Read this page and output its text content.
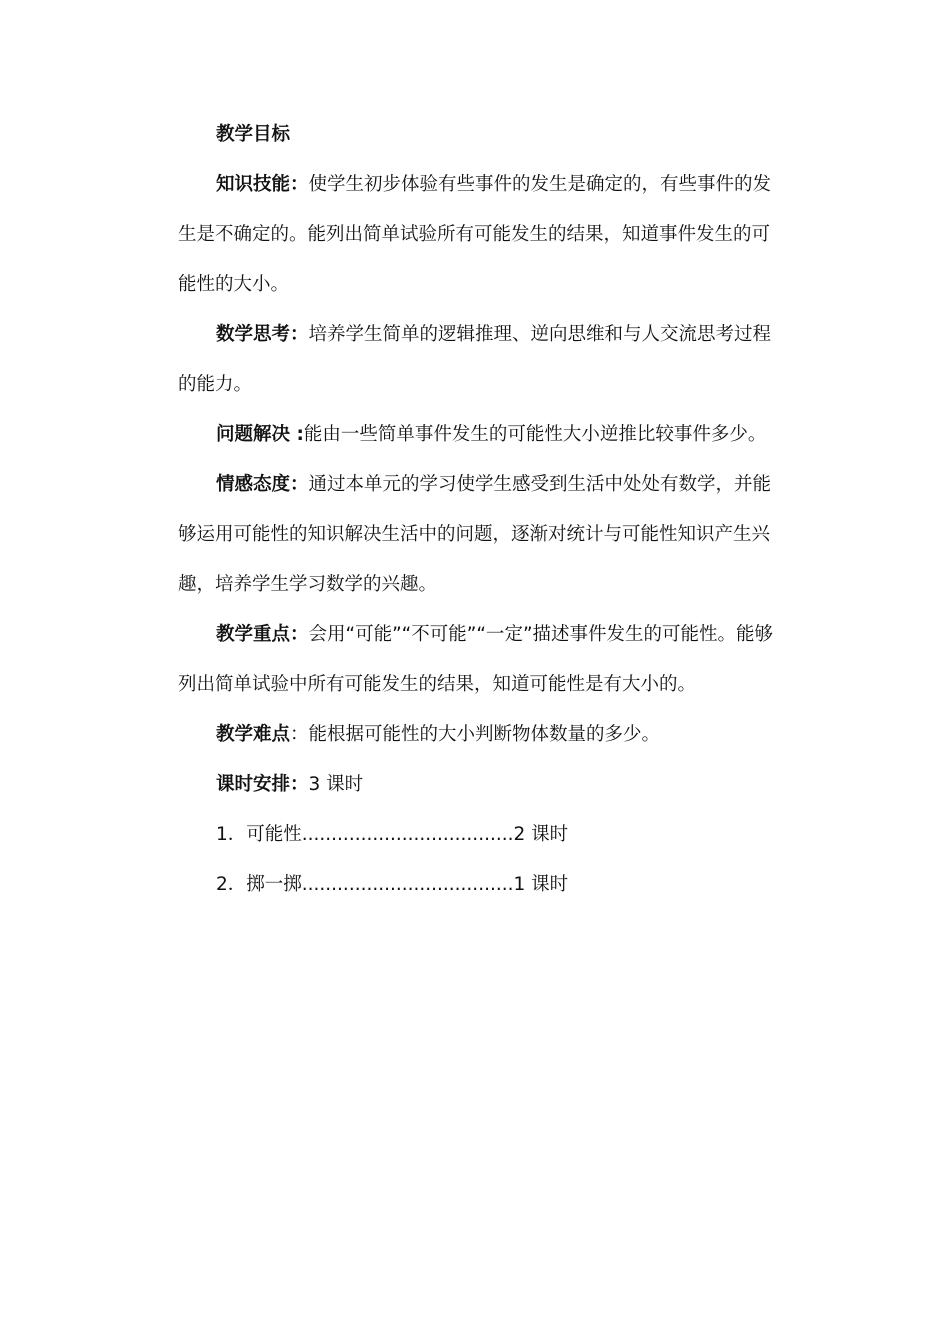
教学目标

知识技能：使学生初步体验有些事件的发生是确定的，有些事件的发生是不确定的。能列出简单试验所有可能发生的结果，知道事件发生的可能性的大小。

数学思考：培养学生简单的逻辑推理、逆向思维和与人交流思考过程的能力。

问题解决 :能由一些简单事件发生的可能性大小逆推比较事件多少。

情感态度：通过本单元的学习使学生感受到生活中处处有数学，并能够运用可能性的知识解决生活中的问题，逐渐对统计与可能性知识产生兴趣，培养学生学习数学的兴趣。

教学重点：会用“可能”“不可能”“一定”描述事件发生的可能性。能够列出简单试验中所有可能发生的结果，知道可能性是有大小的。

教学难点：能根据可能性的大小判断物体数量的多少。

课时安排：3 课时

1．可能性....................................2 课时
2．掷一掷....................................1 课时
